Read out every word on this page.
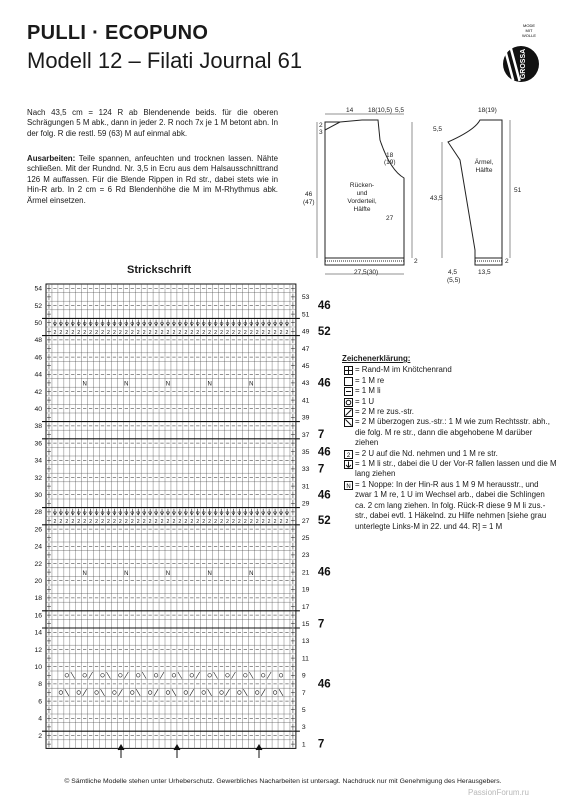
PULLI · ECOPUNO
Modell 12 – Filati Journal 61
MODE
MIT
WOLLE
GROSSA
Nach 43,5 cm = 124 R ab Blendenende beids. für die oberen Schrägungen 5 M abk., dann in jeder 2. R noch 7x je 1 M betont abn. In der folg. R die restl. 59 (63) M auf einmal abk.
Ausarbeiten: Teile spannen, anfeuchten und trocknen lassen. Nähte schließen. Mit der Rundnd. Nr. 3,5 in Ecru aus dem Halsausschnittrand 126 M auffassen. Für die Blende Rippen in Rd str., dabei stets wie in Hin-R arb. In 2 cm = 6 Rd Blendenhöhe die M im M-Rhythmus abk. Ärmel einsetzen.
2
3
14 18(10,5) 5,5
18
(19)
27
46
(47)
27,5(30)
2
Rücken-und Vorderteil, Hälfte
18(19)
5,5
43,5
51
4,5
(5,5)
13,5
2
Ärmel, Hälfte
Strickschrift
2 2 2 2 2 2 2 2 2 2 2 2 2 2 2 2 2 2 2 2 2 2 2 2 2 2 2 2 2 2 2 2 2 2 2 2 2 2 2 2
2 2 2 2 2 2 2 2 2 2 2 2 2 2 2 2 2 2 2 2 2 2 2 2 2 2 2 2 2 2 2 2 2 2 2 2 2 2 2 2
N	N	N	N	N
N	N	N	N	N
54
52
50
48
46
44
42
40
38
36
34
32
30
28
26
24
22
20
18
16
14
12
10
8
6
4
2
53
51
49
47
45
43
41
39
37
35
33
31
29
27
25
23
21
19
17
15
13
11
9
7
5
3
1
46
52
46
7
46
7
46
52
46
7
46
7
Zeichenerklärung:
= Rand-M im Knötchenrand
= 1 M re
= 1 M li
= 1 U
= 2 M re zus.-str.
= 2 M überzogen zus.-str.: 1 M wie zum Rechtsstr. abh., die folg. M re str., dann die abgehobene M darüber ziehen
2 = 2 U auf die Nd. nehmen und 1 M re str.
= 1 M li str., dabei die U der Vor-R fallen lassen und die M lang ziehen
N = 1 Noppe: In der Hin-R aus 1 M 9 M herausstr., und zwar 1 M re, 1 U im Wechsel arb., dabei die Schlingen ca. 2 cm lang ziehen. In folg. Rück-R diese 9 M li zus.-str., dabei evtl. 1 Häkelnd. zu Hilfe nehmen [siehe grau unterlegte Links-M in 22. und 44. R] = 1 M
© Sämtliche Modelle stehen unter Urheberschutz. Gewerbliches Nacharbeiten ist untersagt. Nachdruck nur mit Genehmigung des Herausgebers.
PassionForum.ru
